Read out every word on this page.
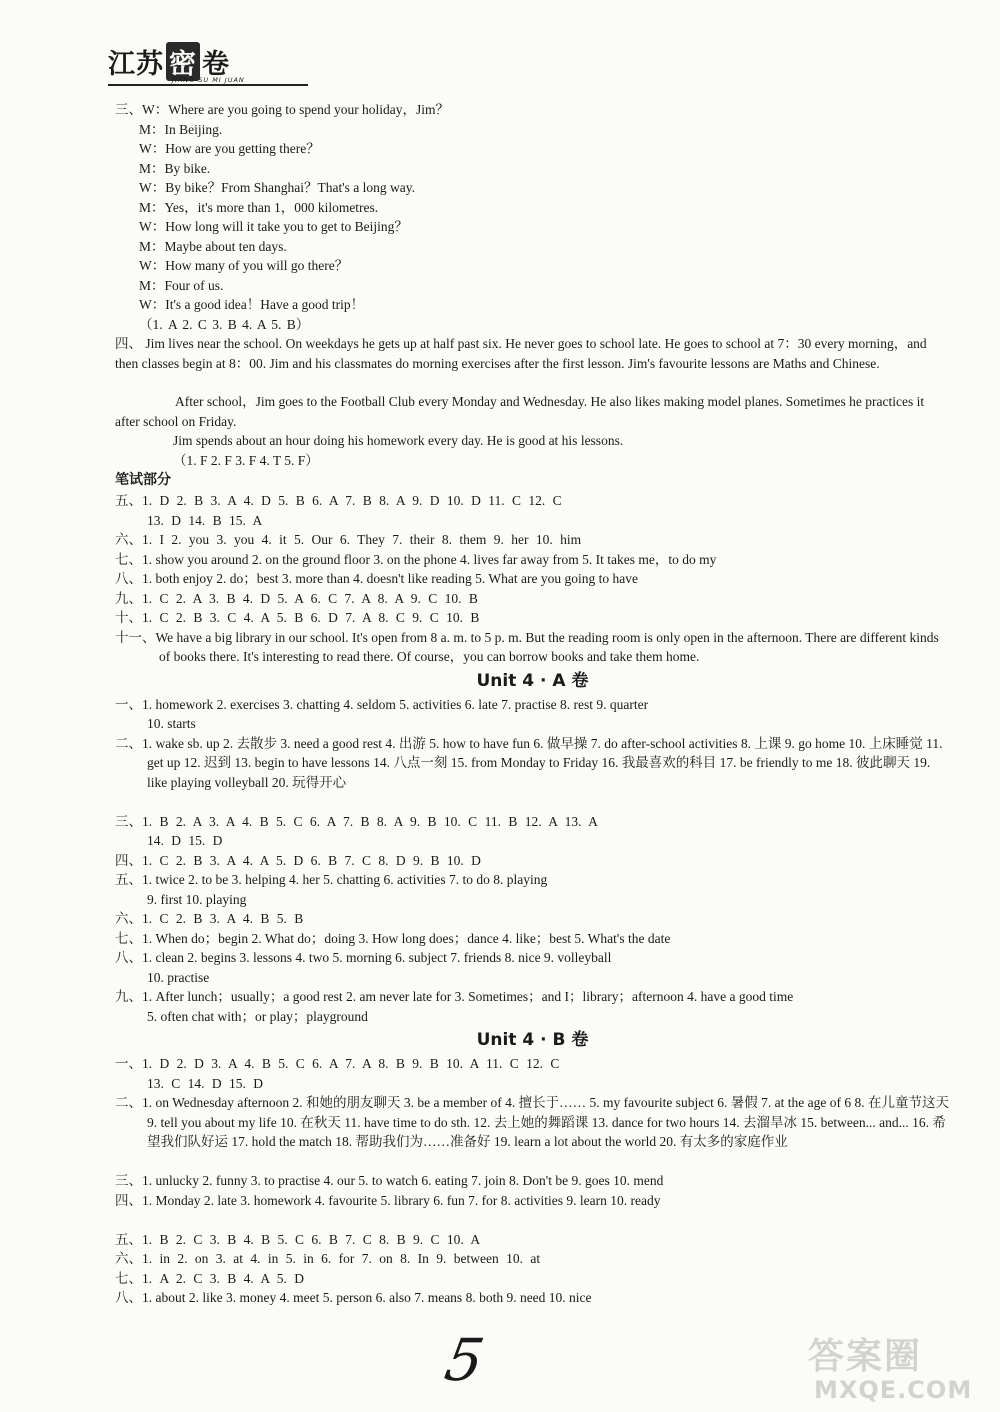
江苏 密 卷
JIANG SU MI JUAN
三、W：Where are you going to spend your holiday，Jim？
M：In Beijing.
W：How are you getting there？
M：By bike.
W：By bike？From Shanghai？That's a long way.
M：Yes，it's more than 1，000 kilometres.
W：How long will it take you to get to Beijing？
M：Maybe about ten days.
W：How many of you will go there？
M：Four of us.
W：It's a good idea！Have a good trip！
（1. A 2. C 3. B 4. A 5. B）
四、 Jim lives near the school. On weekdays he gets up at half past six. He never goes to school late. He goes to school at 7：30 every morning，and then classes begin at 8：00. Jim and his classmates do morning exercises after the first lesson. Jim's favourite lessons are Maths and Chinese.
After school，Jim goes to the Football Club every Monday and Wednesday. He also likes making model planes. Sometimes he practices it after school on Friday.
Jim spends about an hour doing his homework every day. He is good at his lessons.
（1. F 2. F 3. F 4. T 5. F）
笔试部分
五、1. D 2. B 3. A 4. D 5. B 6. A 7. B 8. A 9. D 10. D 11. C 12. C
13. D 14. B 15. A
六、1. I 2. you 3. you 4. it 5. Our 6. They 7. their 8. them 9. her 10. him
七、1. show you around 2. on the ground floor 3. on the phone 4. lives far away from 5. It takes me，to do my
八、1. both enjoy 2. do；best 3. more than 4. doesn't like reading 5. What are you going to have
九、1. C 2. A 3. B 4. D 5. A 6. C 7. A 8. A 9. C 10. B
十、1. C 2. B 3. C 4. A 5. B 6. D 7. A 8. C 9. C 10. B
十一、We have a big library in our school. It's open from 8 a. m. to 5 p. m. But the reading room is only open in the afternoon. There are different kinds of books there. It's interesting to read there. Of course，you can borrow books and take them home.
Unit 4 · A 卷
一、1. homework 2. exercises 3. chatting 4. seldom 5. activities 6. late 7. practise 8. rest 9. quarter
10. starts
二、1. wake sb. up 2. 去散步 3. need a good rest 4. 出游 5. how to have fun 6. 做早操 7. do after-school activities 8. 上课 9. go home 10. 上床睡觉 11. get up 12. 迟到 13. begin to have lessons 14. 八点一刻 15. from Monday to Friday 16. 我最喜欢的科目 17. be friendly to me 18. 彼此聊天 19. like playing volleyball 20. 玩得开心
三、1. B 2. A 3. A 4. B 5. C 6. A 7. B 8. A 9. B 10. C 11. B 12. A 13. A
14. D 15. D
四、1. C 2. B 3. A 4. A 5. D 6. B 7. C 8. D 9. B 10. D
五、1. twice 2. to be 3. helping 4. her 5. chatting 6. activities 7. to do 8. playing
9. first 10. playing
六、1. C 2. B 3. A 4. B 5. B
七、1. When do；begin 2. What do；doing 3. How long does；dance 4. like；best 5. What's the date
八、1. clean 2. begins 3. lessons 4. two 5. morning 6. subject 7. friends 8. nice 9. volleyball
10. practise
九、1. After lunch；usually；a good rest 2. am never late for 3. Sometimes；and I；library；afternoon 4. have a good time
5. often chat with；or play；playground
Unit 4 · B 卷
一、1. D 2. D 3. A 4. B 5. C 6. A 7. A 8. B 9. B 10. A 11. C 12. C
13. C 14. D 15. D
二、1. on Wednesday afternoon 2. 和她的朋友聊天 3. be a member of 4. 擅长于…… 5. my favourite subject 6. 暑假 7. at the age of 6 8. 在儿童节这天 9. tell you about my life 10. 在秋天 11. have time to do sth. 12. 去上她的舞蹈课 13. dance for two hours 14. 去溜旱冰 15. between... and... 16. 希望我们队好运 17. hold the match 18. 帮助我们为……准备好 19. learn a lot about the world 20. 有太多的家庭作业
三、1. unlucky 2. funny 3. to practise 4. our 5. to watch 6. eating 7. join 8. Don't be 9. goes 10. mend
四、1. Monday 2. late 3. homework 4. favourite 5. library 6. fun 7. for 8. activities 9. learn 10. ready
五、1. B 2. C 3. B 4. B 5. C 6. B 7. C 8. B 9. C 10. A
六、1. in 2. on 3. at 4. in 5. in 6. for 7. on 8. In 9. between 10. at
七、1. A 2. C 3. B 4. A 5. D
八、1. about 2. like 3. money 4. meet 5. person 6. also 7. means 8. both 9. need 10. nice
5	答案圈
MXQE.COM
